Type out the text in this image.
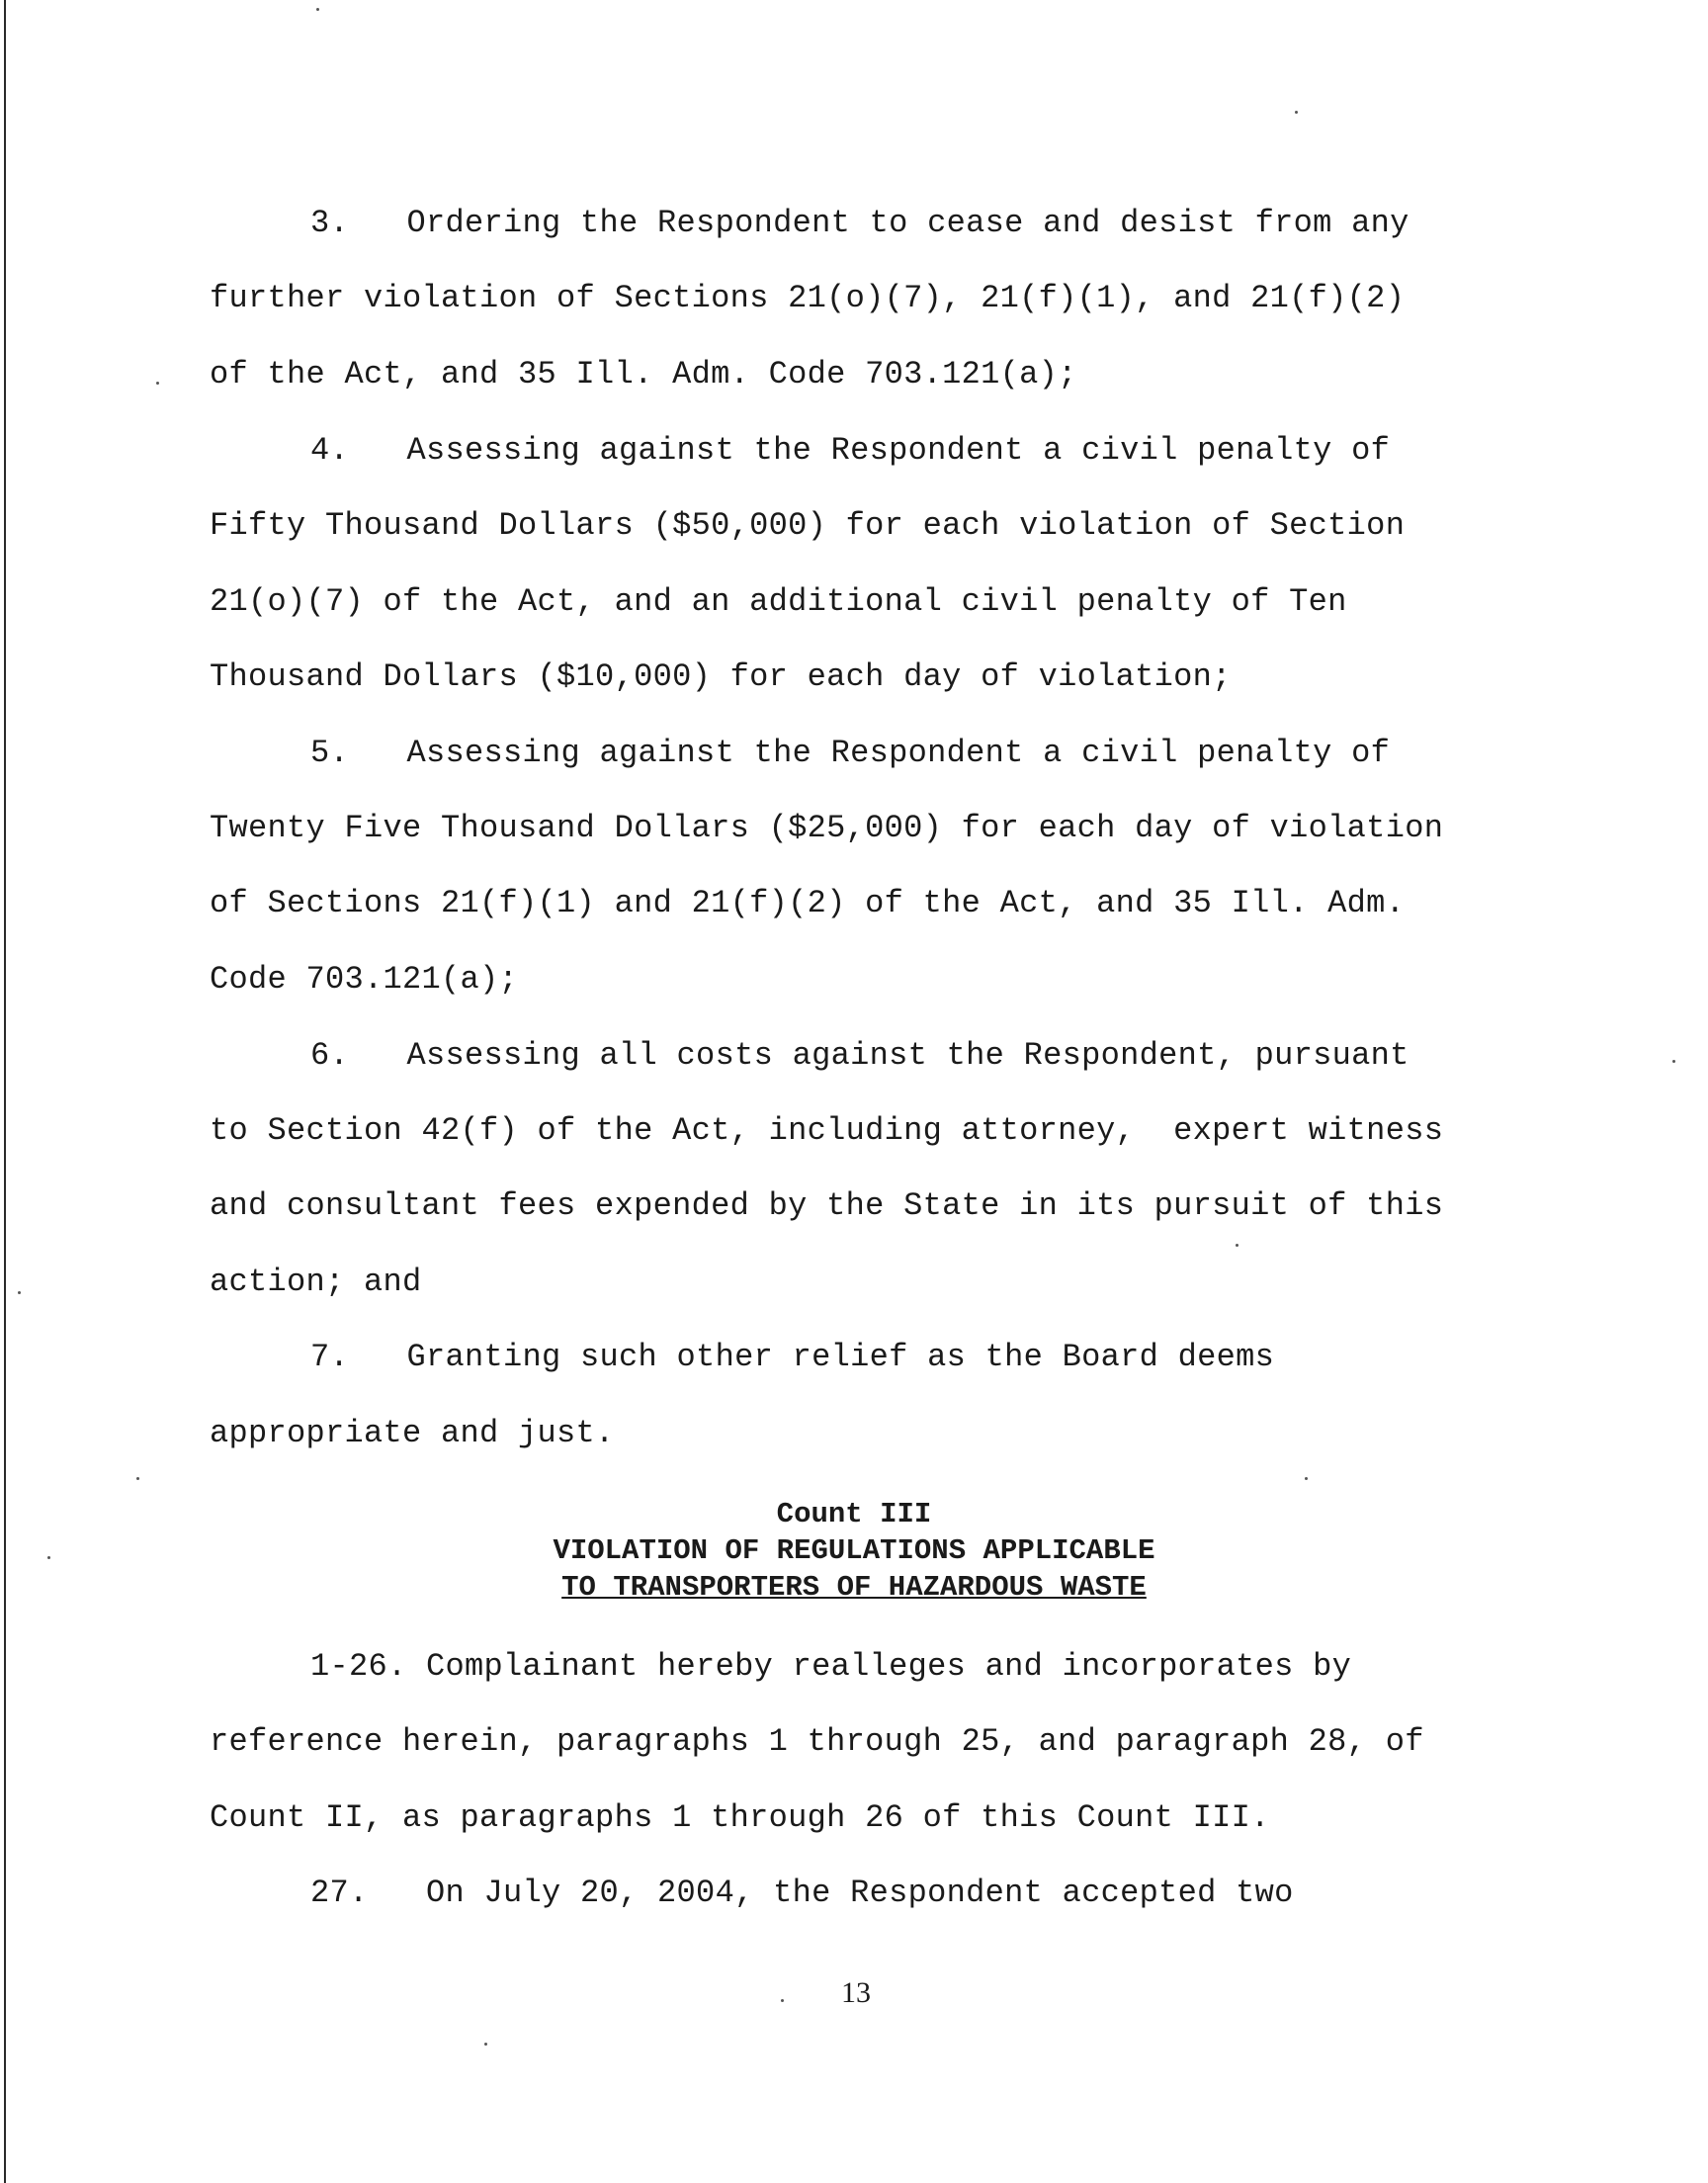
3.   Ordering the Respondent to cease and desist from any
further violation of Sections 21(o)(7), 21(f)(1), and 21(f)(2)
of the Act, and 35 Ill. Adm. Code 703.121(a);
4.   Assessing against the Respondent a civil penalty of
Fifty Thousand Dollars ($50,000) for each violation of Section
21(o)(7) of the Act, and an additional civil penalty of Ten
Thousand Dollars ($10,000) for each day of violation;
5.   Assessing against the Respondent a civil penalty of
Twenty Five Thousand Dollars ($25,000) for each day of violation
of Sections 21(f)(1) and 21(f)(2) of the Act, and 35 Ill. Adm.
Code 703.121(a);
6.   Assessing all costs against the Respondent, pursuant
to Section 42(f) of the Act, including attorney,  expert witness
and consultant fees expended by the State in its pursuit of this
action; and
7.   Granting such other relief as the Board deems
appropriate and just.
Count III
VIOLATION OF REGULATIONS APPLICABLE
TO TRANSPORTERS OF HAZARDOUS WASTE
1-26. Complainant hereby realleges and incorporates by
reference herein, paragraphs 1 through 25, and paragraph 28, of
Count II, as paragraphs 1 through 26 of this Count III.
27.   On July 20, 2004, the Respondent accepted two
13
